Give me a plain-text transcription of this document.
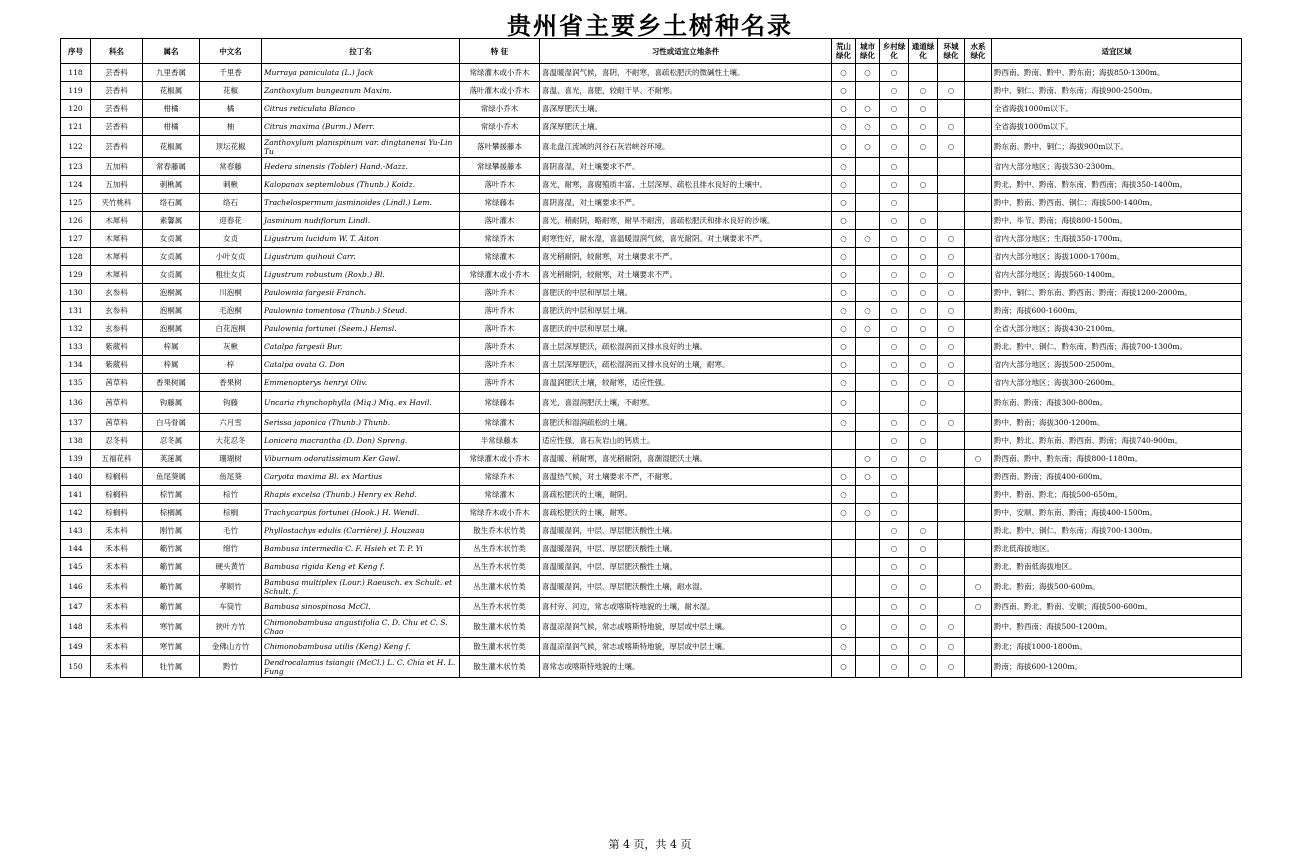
贵州省主要乡土树种名录
序号	科名	属名	中文名	拉丁名	特 征	习性或适宜立地条件	荒山绿化	城市绿化	乡村绿化	通道绿化	环城绿化	水系绿化	适宜区域
118	芸香科	九里香属	千里香	Murraya paniculata (L.) Jack	常绿灌木或小乔木	喜温暖湿润气候，喜阴，不耐寒，喜疏松肥沃的微碱性土壤。	○	○	○				黔西南、黔南、黔中、黔东南；海拔850-1300m。
119	芸香科	花椒属	花椒	Zanthoxylum bungeanum Maxim.	落叶灌木或小乔木	喜温、喜光，喜肥，较耐干旱、不耐寒。	○		○	○	○		黔中、铜仁、黔南、黔东南；海拔900-2500m。
120	芸香科	柑橘	橘	Citrus reticulata Blanco	常绿小乔木	喜深厚肥沃土壤。	○	○	○	○			全省海拔1000m以下。
121	芸香科	柑橘	柚	Citrus maxima (Burm.) Merr.	常绿小乔木	喜深厚肥沃土壤。	○	○	○	○	○		全省海拔1000m以下。
122	芸香科	花椒属	顶坛花椒	Zanthoxylum planispinum var. dingtanensi Yu-Lin Tu	落叶攀援藤本	喜北盘江流域的河谷石灰岩峡谷环境。	○	○	○	○	○		黔东南、黔中、铜仁；海拔900m以下。
123	五加科	常春藤属	常春藤	Hedera sinensis (Tobler) Hand.-Mazz.	常绿攀援藤本	喜阴喜湿，对土壤要求不严。	○		○				省内大部分地区；海拔530-2300m。
124	五加科	刺楸属	刺楸	Kalopanax septemlobus (Thunb.) Koidz.	落叶乔木	喜光，耐寒，喜腐殖质丰富、土层深厚、疏松且排水良好的土壤中。	○		○	○			黔北、黔中、黔南、黔东南、黔西南；海拔350-1400m。
125	夹竹桃科	络石属	络石	Trachelospermum jasminoides (Lindl.) Lem.	常绿藤本	喜阴喜湿，对土壤要求不严。	○		○				黔中、黔南、黔西南、铜仁；海拔500-1400m。
126	木犀科	素馨属	迎春花	Jasminum nudiflorum Lindl.	落叶灌木	喜光，稍耐阴，略耐寒，耐旱不耐涝，喜疏松肥沃和排水良好的沙壤。	○		○	○			黔中、毕节、黔南；海拔800-1500m。
127	木犀科	女贞属	女贞	Ligustrum lucidum W. T. Aiton	常绿乔木	耐寒性好，耐水湿，喜温暖湿润气候，喜光耐阴。对土壤要求不严。	○	○	○	○	○		省内大部分地区；生海拔350-1700m。
128	木犀科	女贞属	小叶女贞	Ligustrum quihoui Carr.	常绿灌木	喜光稍耐阴，较耐寒，对土壤要求不严。	○		○	○	○		省内大部分地区；海拔1000-1700m。
129	木犀科	女贞属	粗壮女贞	Ligustrum robustum (Roxb.) Bl.	常绿灌木或小乔木	喜光稍耐阴，较耐寒，对土壤要求不严。	○		○	○	○		省内大部分地区；海拔560-1400m。
130	玄参科	泡桐属	川泡桐	Paulownia fargesii Franch.	落叶乔木	喜肥沃的中层和厚层土壤。	○		○	○	○		黔中、铜仁、黔东南、黔西南、黔南；海拔1200-2000m。
131	玄参科	泡桐属	毛泡桐	Paulownia tomentosa (Thunb.) Steud.	落叶乔木	喜肥沃的中层和厚层土壤。	○	○	○	○	○		黔南；海拔600-1600m。
132	玄参科	泡桐属	白花泡桐	Paulownia fortunei (Seem.) Hemsl.	落叶乔木	喜肥沃的中层和厚层土壤。	○	○	○	○	○		全省大部分地区；海拔430-2100m。
133	紫葳科	梓属	灰楸	Catalpa fargesii Bur.	落叶乔木	喜土层深厚肥沃，疏松湿润而又排水良好的土壤。	○		○	○	○		黔北、黔中、铜仁、黔东南、黔西南；海拔700-1300m。
134	紫葳科	梓属	梓	Catalpa ovata G. Don	落叶乔木	喜土层深厚肥沃，疏松湿润而又排水良好的土壤，耐寒。	○		○	○	○		省内大部分地区；海拔500-2500m。
135	茜草科	香果树属	香果树	Emmenopterys henryi Oliv.	落叶乔木	喜温润肥沃土壤，较耐寒，适应性强。	○		○	○	○		省内大部分地区；海拔300-2600m。
136	茜草科	钩藤属	钩藤	Uncaria rhynchophylla (Miq.) Miq. ex Havil.	常绿藤本	喜光，喜湿润肥沃土壤，不耐寒。	○			○			黔东南、黔南；海拔300-800m。
137	茜草科	白马骨属	六月雪	Serissa japonica (Thunb.) Thunb.	常绿灌木	喜肥沃和湿润疏松的土壤。	○		○	○	○		黔中、黔南；海拔300-1200m。
138	忍冬科	忍冬属	大花忍冬	Lonicera macrantha (D. Don) Spreng.	半常绿藤本	适应性强，喜石灰岩山的钙质土。			○	○			黔中、黔北、黔东南、黔西南、黔南；海拔740-900m。
139	五福花科	荚蒾属	珊瑚树	Viburnum odoratissimum Ker Gawl.	常绿灌木或小乔木	喜温暖、稍耐寒，喜光稍耐阴，喜潮湿肥沃土壤。		○	○	○		○	黔西南、黔中、黔东南；海拔800-1180m。
140	棕榈科	鱼尾葵属	鱼尾葵	Caryota maxima Bl. ex Martius	常绿乔木	喜温热气候，对土壤要求不严，不耐寒。	○	○	○				黔西南、黔南；海拔400-600m。
141	棕榈科	棕竹属	棕竹	Rhapis excelsa (Thunb.) Henry ex Rehd.	常绿灌木	喜疏松肥沃的土壤，耐阴。	○		○				黔中、黔南、黔北；海拔500-650m。
142	棕榈科	棕榈属	棕榈	Trachycarpus fortunei (Hook.) H. Wendl.	常绿乔木或小乔木	喜疏松肥沃的土壤，耐寒。	○	○	○				黔中、安顺、黔东南、黔南；海拔400-1500m。
143	禾本科	刚竹属	毛竹	Phyllostachys edulis (Carrière) J. Houzeau	散生乔木状竹类	喜温暖湿润，中层、厚层肥沃酸性土壤。			○	○			黔北、黔中、铜仁、黔东南；海拔700-1300m。
144	禾本科	簕竹属	绵竹	Bambusa intermedia C. F. Hsieh et T. P. Yi	丛生乔木状竹类	喜温暖湿润，中层、厚层肥沃酸性土壤。			○	○			黔北低海拔地区。
145	禾本科	簕竹属	硬头黄竹	Bambusa rigida Keng et Keng f.	丛生乔木状竹类	喜温暖湿润，中层、厚层肥沃酸性土壤。			○	○			黔北、黔南低海拔地区。
146	禾本科	簕竹属	孝顺竹	Bambusa multiplex (Lour.) Raeusch. ex Schult. et Schult. f.	丛生灌木状竹类	喜温暖湿润，中层、厚层肥沃酸性土壤，耐水湿。			○	○		○	黔北、黔南；海拔500-600m。
147	禾本科	簕竹属	车筒竹	Bambusa sinospinosa McCl.	丛生乔木状竹类	喜村旁、河边，常志或喀斯特地貌的土壤，耐水湿。			○	○		○	黔西南、黔北、黔南、安顺；海拔500-600m。
148	禾本科	寒竹属	狭叶方竹	Chimonobambusa angustifolia C. D. Chu et C. S. Chao	散生灌木状竹类	喜温凉湿润气候，常志或喀斯特地貌，厚层或中层土壤。	○		○	○	○		黔中、黔西南；海拔500-1200m。
149	禾本科	寒竹属	金佛山方竹	Chimonobambusa utilis (Keng) Keng f.	散生灌木状竹类	喜温凉湿润气候，常志或喀斯特地貌，厚层或中层土壤。	○		○	○	○		黔北；海拔1000-1800m。
150	禾本科	牡竹属	黔竹	Dendrocalamus tsiangii (McCl.) L. C. Chia et H. L. Fung	散生灌木状竹类	喜常志或喀斯特地貌的土壤。	○		○	○	○		黔南；海拔600-1200m。
第 4 页，共 4 页
